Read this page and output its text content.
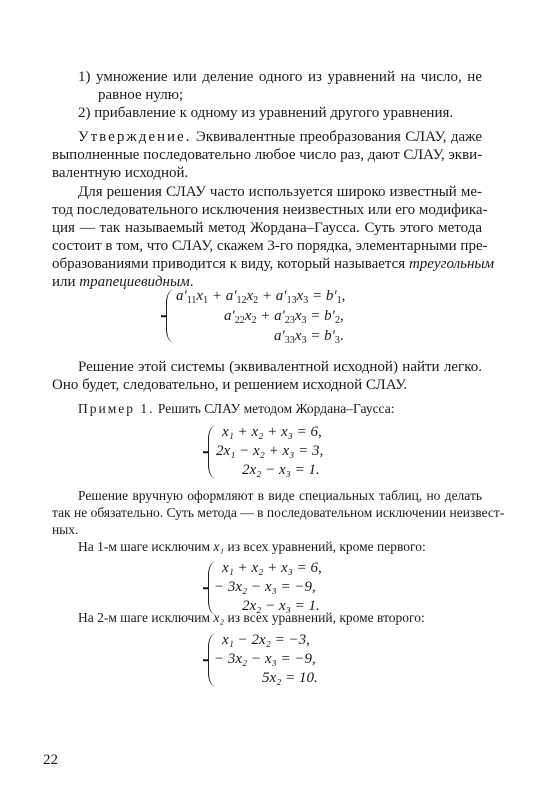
1) умножение или деление одного из уравнений на число, не
равное нулю;
2) прибавление к одному из уравнений другого уравнения.
Утверждение. Эквивалентные преобразования СЛАУ, даже
выполненные последовательно любое число раз, дают СЛАУ, экви-
валентную исходной.
Для решения СЛАУ часто используется широко известный ме-
тод последовательного исключения неизвестных или его модифика-
ция — так называемый метод Жордана–Гаусса. Суть этого метода
состоит в том, что СЛАУ, скажем 3-го порядка, элементарными пре-
образованиями приводится к виду, который называется треугольным
или трапециевидным.
$a'_{11}x_1 + a'_{12}x_2 + a'_{13}x_3 = b'_1$,
$a'_{22}x_2 + a'_{23}x_3 = b'_2$,
$a'_{33}x_3 = b'_3$.
Решение этой системы (эквивалентной исходной) найти легко.
Оно будет, следовательно, и решением исходной СЛАУ.
Пример 1. Решить СЛАУ методом Жордана–Гаусса:
x₁ + x₂ + x₃ = 6,
2x₁ − x₂ + x₃ = 3,
2x₂ − x₃ = 1.
Решение вручную оформляют в виде специальных таблиц, но делать
так не обязательно. Суть метода — в последовательном исключении неизвест-
ных.
На 1-м шаге исключим x₁ из всех уравнений, кроме первого:
x₁ + x₂ + x₃ = 6,
− 3x₂ − x₃ = −9,
2x₂ − x₃ = 1.
На 2-м шаге исключим x₂ из всех уравнений, кроме второго:
x₁ − 2x₂ = −3,
− 3x₂ − x₃ = −9,
5x₂ = 10.
22
